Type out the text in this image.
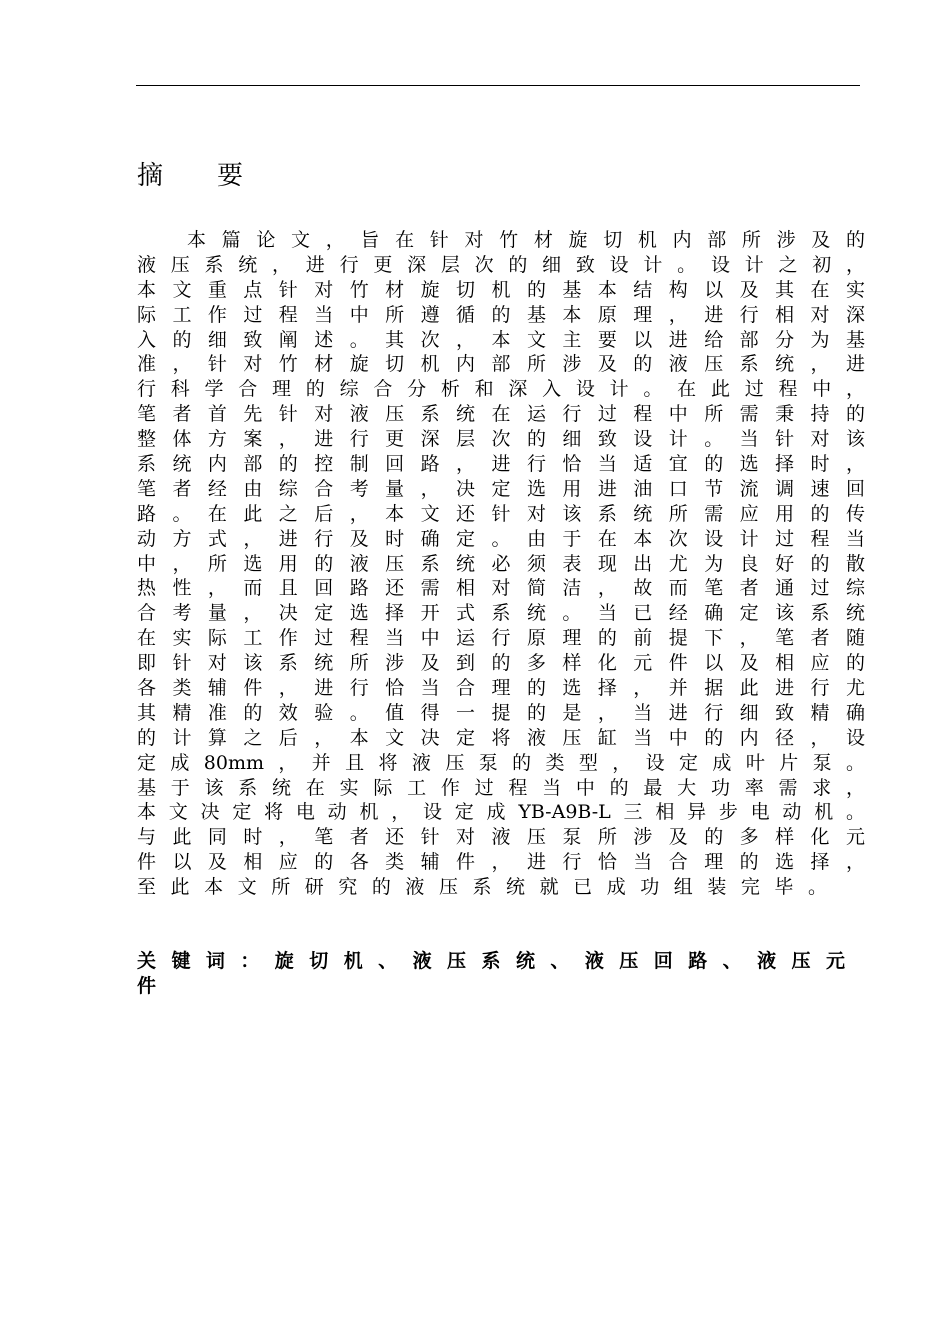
摘 要
本篇论文，旨在针对竹材旋切机内部所涉及的
液压系统，进行更深层次的细致设计。设计之初，
本文重点针对竹材旋切机的基本结构以及其在实
际工作过程当中所遵循的基本原理，进行相对深
入的细致阐述。其次，本文主要以进给部分为基
准，针对竹材旋切机内部所涉及的液压系统，进
行科学合理的综合分析和深入设计。在此过程中，
笔者首先针对液压系统在运行过程中所需秉持的
整体方案，进行更深层次的细致设计。当针对该
系统内部的控制回路，进行恰当适宜的选择时，
笔者经由综合考量，决定选用进油口节流调速回
路。在此之后，本文还针对该系统所需应用的传
动方式，进行及时确定。由于在本次设计过程当
中，所选用的液压系统必须表现出尤为良好的散
热性，而且回路还需相对简洁，故而笔者通过综
合考量，决定选择开式系统。当已经确定该系统
在实际工作过程当中运行原理的前提下，笔者随
即针对该系统所涉及到的多样化元件以及相应的
各类辅件，进行恰当合理的选择，并据此进行尤
其精准的效验。值得一提的是，当进行细致精确
的计算之后，本文决定将液压缸当中的内径，设
定成80mm，并且将液压泵的类型，设定成叶片泵。
基于该系统在实际工作过程当中的最大功率需求，
本文决定将电动机，设定成YB-A9B-L三相异步电动机。
与此同时，笔者还针对液压泵所涉及的多样化元
件以及相应的各类辅件，进行恰当合理的选择，
至此本文所研究的液压系统就已成功组装完毕。
关键词：旋切机、液压系统、液压回路、液压元
件
